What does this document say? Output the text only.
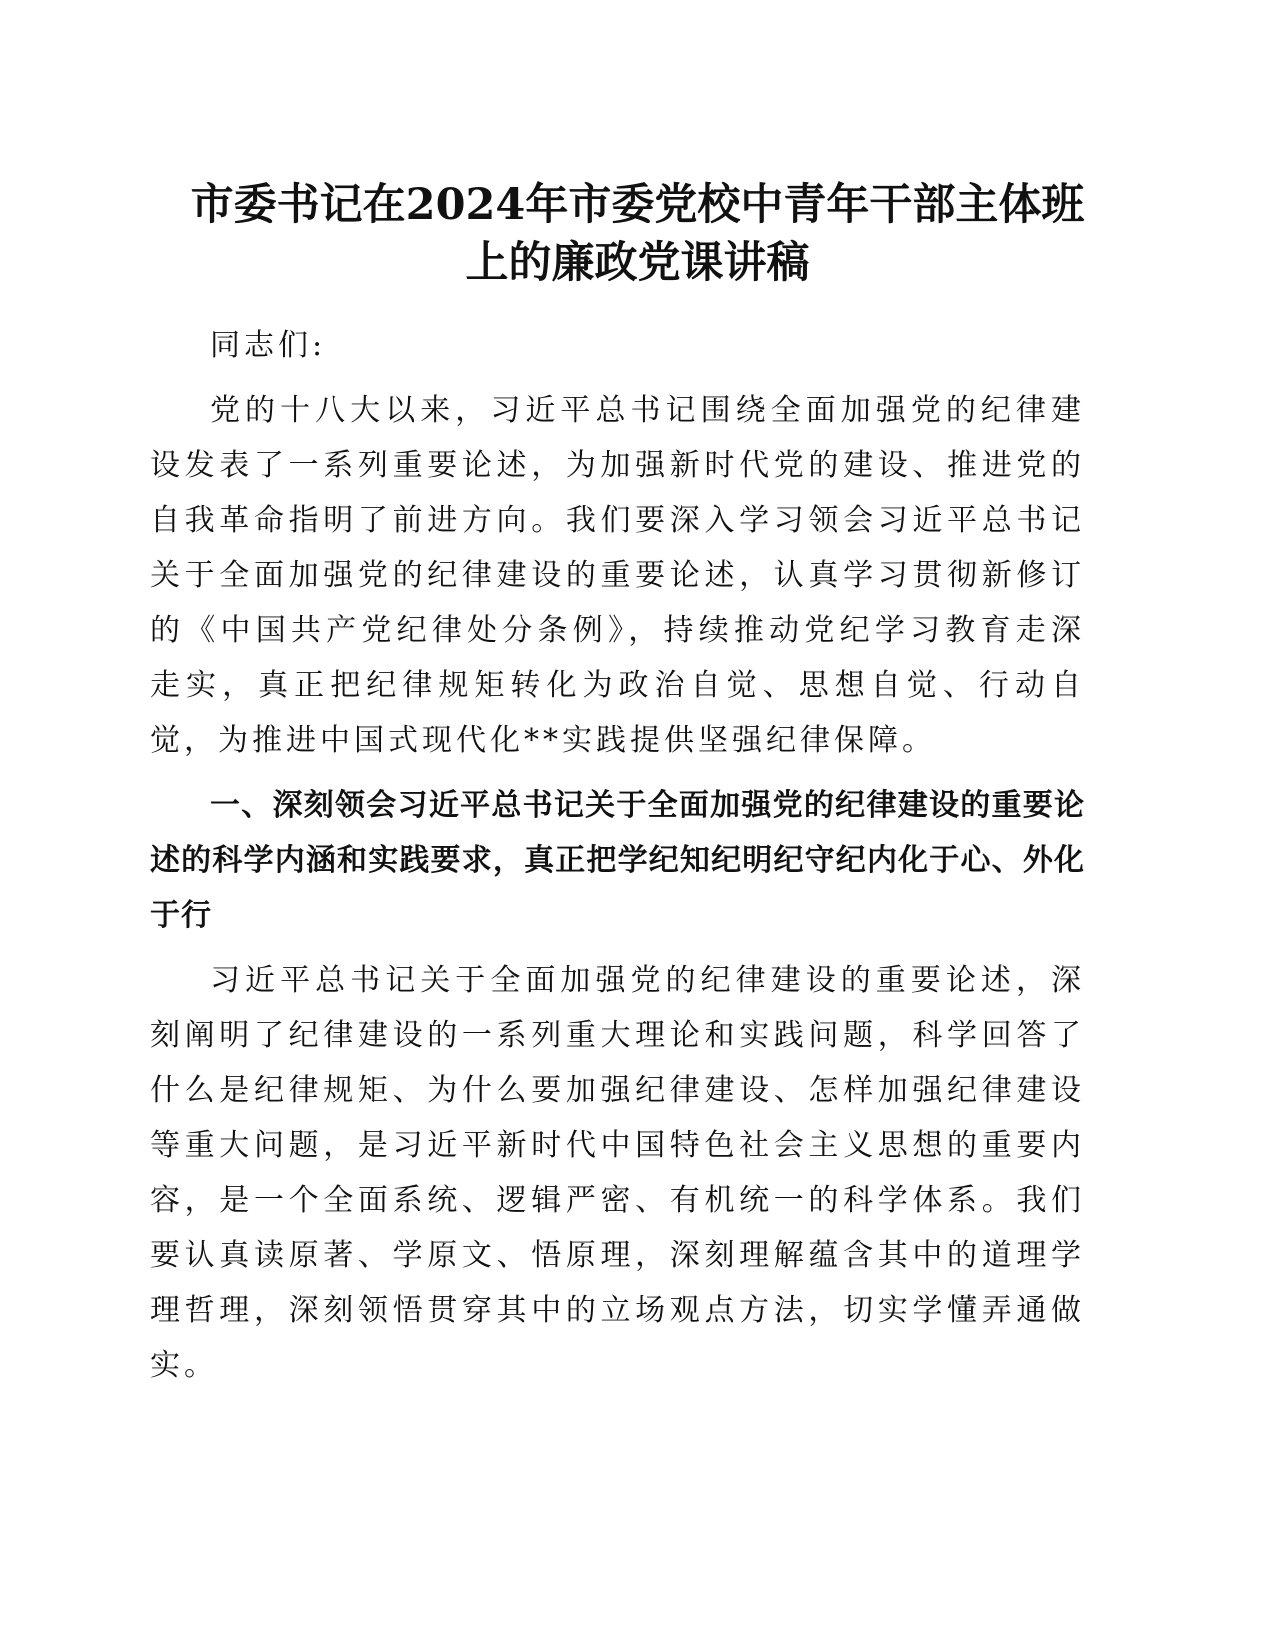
市委书记在2024年市委党校中青年干部主体班
上的廉政党课讲稿

同志们:

党的十八大以来，习近平总书记围绕全面加强党的纪律建设发表了一系列重要论述，为加强新时代党的建设、推进党的自我革命指明了前进方向。我们要深入学习领会习近平总书记关于全面加强党的纪律建设的重要论述，认真学习贯彻新修订的《中国共产党纪律处分条例》，持续推动党纪学习教育走深走实，真正把纪律规矩转化为政治自觉、思想自觉、行动自觉，为推进中国式现代化**实践提供坚强纪律保障。

一、深刻领会习近平总书记关于全面加强党的纪律建设的重要论述的科学内涵和实践要求，真正把学纪知纪明纪守纪内化于心、外化于行

习近平总书记关于全面加强党的纪律建设的重要论述，深刻阐明了纪律建设的一系列重大理论和实践问题，科学回答了什么是纪律规矩、为什么要加强纪律建设、怎样加强纪律建设等重大问题，是习近平新时代中国特色社会主义思想的重要内容，是一个全面系统、逻辑严密、有机统一的科学体系。我们要认真读原著、学原文、悟原理，深刻理解蕴含其中的道理学理哲理，深刻领悟贯穿其中的立场观点方法，切实学懂弄通做实。
